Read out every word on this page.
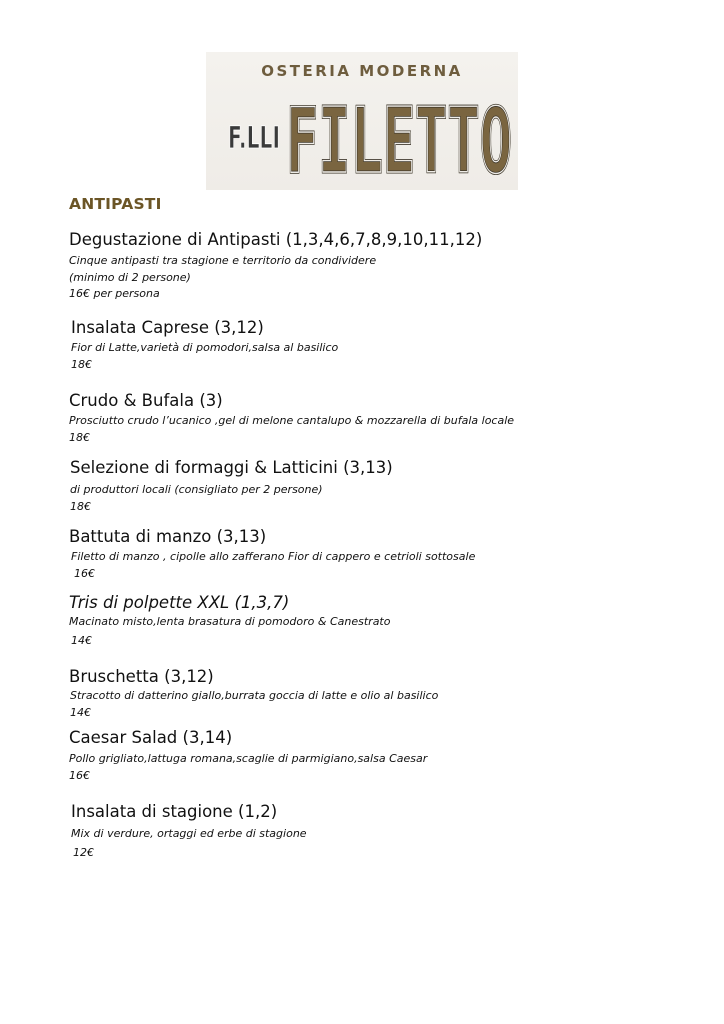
OSTERIA MODERNA
F.LLI FILETTO
FILETTO
ANTIPASTI
Degustazione di Antipasti (1,3,4,6,7,8,9,10,11,12)
Cinque antipasti tra stagione e territorio da condividere
(minimo di 2 persone)
16€ per persona
Insalata Caprese (3,12)
Fior di Latte,varietà di pomodori,salsa al basilico
18€
Crudo & Bufala (3)
Prosciutto crudo l’ucanico ,gel di melone cantalupo & mozzarella di bufala locale
18€
Selezione di formaggi & Latticini (3,13)
di produttori locali (consigliato per 2 persone)
18€
Battuta di manzo (3,13)
Filetto di manzo , cipolle allo zafferano Fior di cappero e cetrioli sottosale
16€
Tris di polpette XXL (1,3,7)
Macinato misto,lenta brasatura di pomodoro & Canestrato
14€
Bruschetta (3,12)
Stracotto di datterino giallo,burrata goccia di latte e olio al basilico
14€
Caesar Salad (3,14)
Pollo grigliato,lattuga romana,scaglie di parmigiano,salsa Caesar
16€
Insalata di stagione (1,2)
Mix di verdure, ortaggi ed erbe di stagione
12€
